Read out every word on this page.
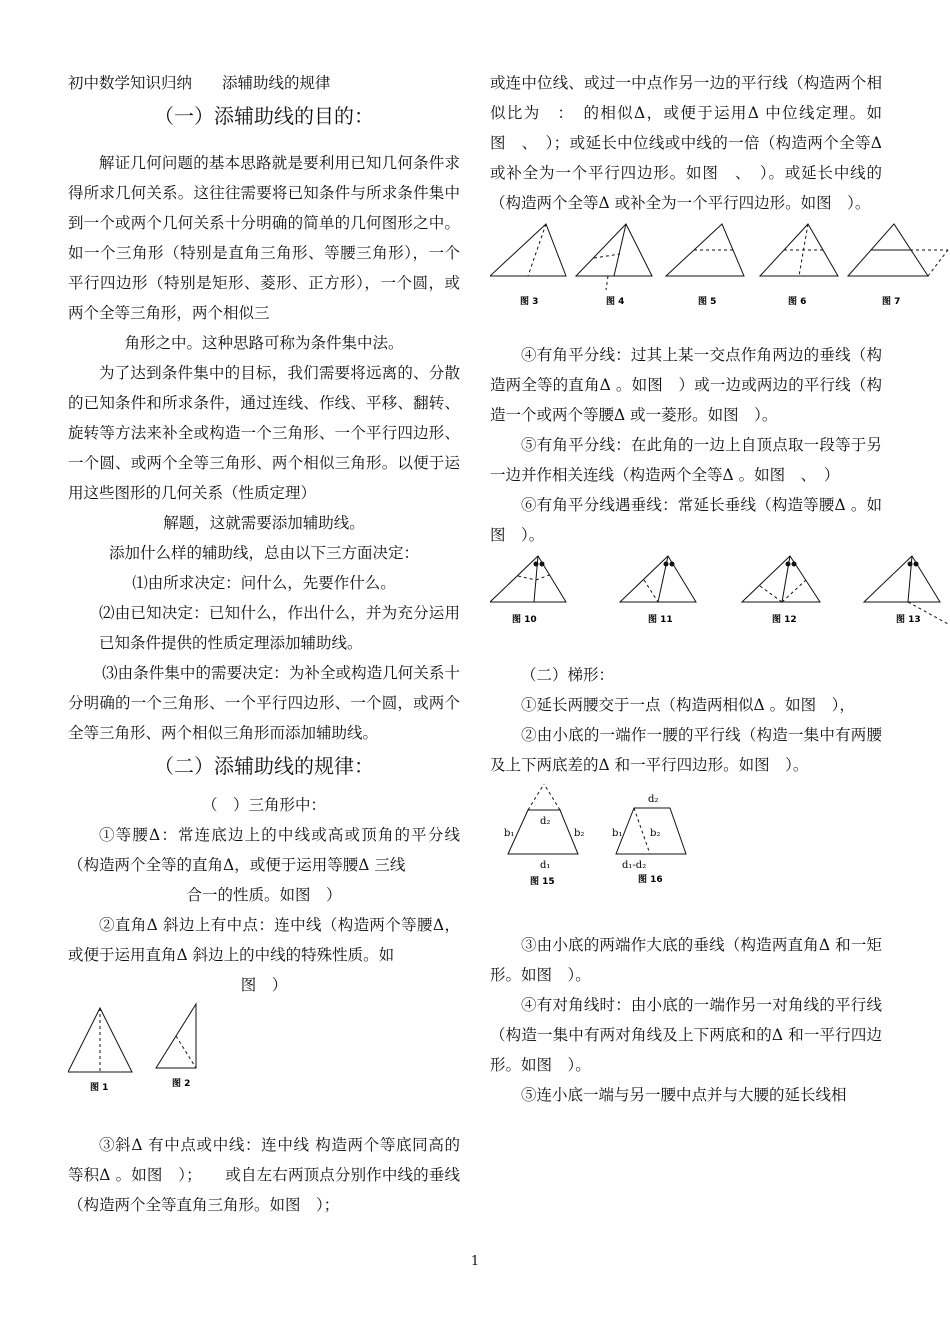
初中数学知识归纳 添辅助线的规律

（一）添辅助线的目的：

解证几何问题的基本思路就是要利用已知几何条件求得所求几何关系。这往往需要将已知条件与所求条件集中到一个或两个几何关系十分明确的简单的几何图形之中。如一个三角形（特别是直角三角形、等腰三角形），一个平行四边形（特别是矩形、菱形、正方形），一个圆，或两个全等三角形，两个相似三

角形之中。这种思路可称为条件集中法。

为了达到条件集中的目标，我们需要将远离的、分散的已知条件和所求条件，通过连线、作线、平移、翻转、旋转等方法来补全或构造一个三角形、一个平行四边形、一个圆、或两个全等三角形、两个相似三角形。以便于运用这些图形的几何关系（性质定理）

解题，这就需要添加辅助线。

添加什么样的辅助线，总由以下三方面决定：

⑴由所求决定：问什么，先要作什么。

⑵由已知决定：已知什么，作出什么，并为充分运用已知条件提供的性质定理添加辅助线。

⑶由条件集中的需要决定：为补全或构造几何关系十分明确的一个三角形、一个平行四边形、一个圆，或两个全等三角形、两个相似三角形而添加辅助线。

（二）添辅助线的规律：

（　）三角形中：

①等腰Δ：常连底边上的中线或高或顶角的平分线（构造两个全等的直角Δ，或便于运用等腰Δ 三线

合一的性质。如图　）

②直角Δ 斜边上有中点：连中线（构造两个等腰Δ，或便于运用直角Δ 斜边上的中线的特殊性质。如

图　）

图 1	图 2

③斜Δ 有中点或中线：连中线 构造两个等底同高的等积Δ 。如图　）；　　或自左右两顶点分别作中线的垂线（构造两个全等直角三角形。如图　）；

或连中位线、或过一中点作另一边的平行线（构造两个相似比为　：　的相似Δ，或便于运用Δ 中位线定理。如图　、　）；或延长中位线或中线的一倍（构造两个全等Δ 或补全为一个平行四边形。如图　、　）。或延长中线的　　（构造两个全等Δ 或补全为一个平行四边形。如图　）。

图 3	图 4	图 5	图 6	图 7

④有角平分线：过其上某一交点作角两边的垂线（构造两全等的直角Δ 。如图　）或一边或两边的平行线（构造一个或两个等腰Δ 或一菱形。如图　）。

⑤有角平分线：在此角的一边上自顶点取一段等于另一边并作相关连线（构造两个全等Δ 。如图　、　）

⑥有角平分线遇垂线：常延长垂线（构造等腰Δ 。如图　）。

图 10	图 11	图 12	图 13

（二）梯形：

①延长两腰交于一点（构造两相似Δ 。如图　），

②由小底的一端作一腰的平行线（构造一集中有两腰及上下两底差的Δ 和一平行四边形。如图　）。

b₁	b₂
d₂
d₁
d₂
b₁	b₂
d₁-d₂
图 15	图 16

③由小底的两端作大底的垂线（构造两直角Δ 和一矩形。如图　）。

④有对角线时：由小底的一端作另一对角线的平行线（构造一集中有两对角线及上下两底和的Δ 和一平行四边形。如图　）。

⑤连小底一端与另一腰中点并与大腰的延长线相

1
